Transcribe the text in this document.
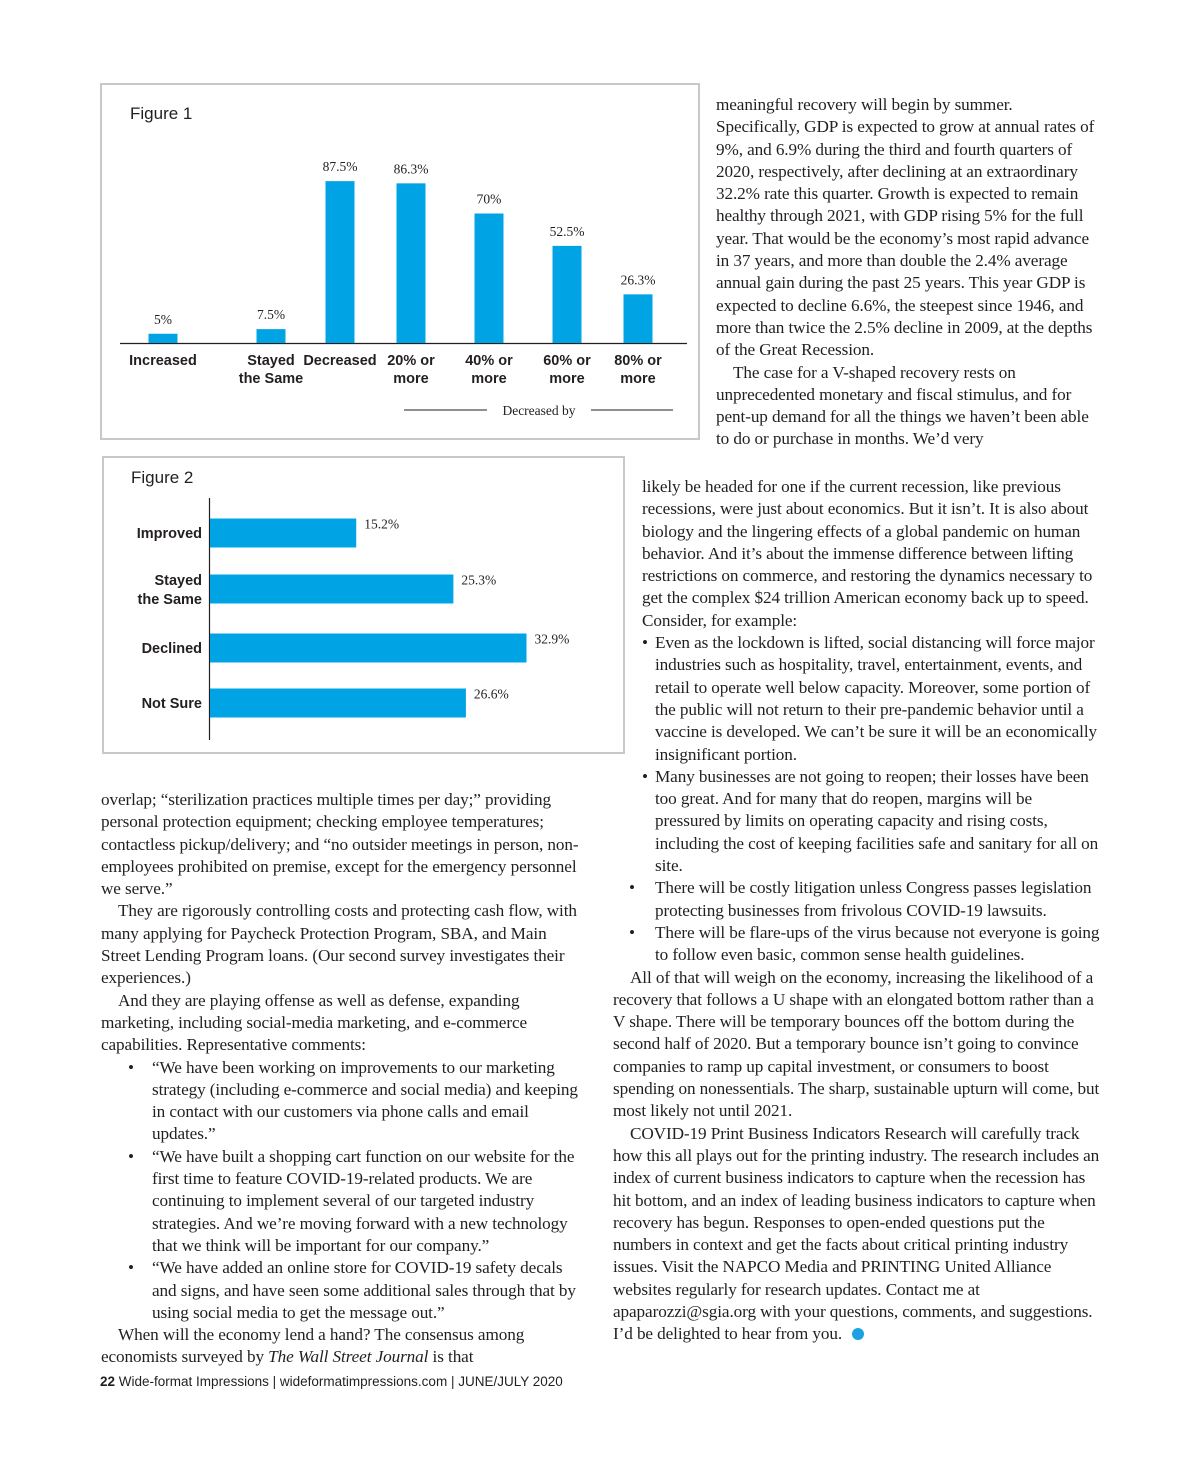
Figure 1
5%
Increased
7.5%
Stayed the Same
87.5%
Decreased
86.3%
20% or more
70%
40% or more
52.5%
60% or more
26.3%
80% or more
Decreased by
Figure 2
15.2%
Improved
25.3%
Stayed the Same
32.9%
Declined
26.6%
Not Sure

overlap; “sterilization practices multiple times per day;” providing personal protection equipment; checking employee temperatures; contactless pickup/delivery; and “no outsider meetings in person, non-employees prohibited on premise, except for the emergency personnel we serve.”

They are rigorously controlling costs and protecting cash flow, with many applying for Paycheck Protection Program, SBA, and Main Street Lending Program loans. (Our second survey investigates their experiences.)

And they are playing offense as well as defense, expanding marketing, including social-media marketing, and e-commerce capabilities. Representative comments:

• “We have been working on improvements to our marketing strategy (including e-commerce and social media) and keeping in contact with our customers via phone calls and email updates.”
• “We have built a shopping cart function on our website for the first time to feature COVID-19-related products. We are continuing to implement several of our targeted industry strategies. And we’re moving forward with a new technology that we think will be important for our company.”
• “We have added an online store for COVID-19 safety decals and signs, and have seen some additional sales through that by using social media to get the message out.”

When will the economy lend a hand? The consensus among economists surveyed by The Wall Street Journal is that

meaningful recovery will begin by summer. Specifically, GDP is expected to grow at annual rates of 9%, and 6.9% during the third and fourth quarters of 2020, respectively, after declining at an extraordinary 32.2% rate this quarter. Growth is expected to remain healthy through 2021, with GDP rising 5% for the full year. That would be the economy’s most rapid advance in 37 years, and more than double the 2.4% average annual gain during the past 25 years. This year GDP is expected to decline 6.6%, the steepest since 1946, and more than twice the 2.5% decline in 2009, at the depths of the Great Recession.

The case for a V-shaped recovery rests on unprecedented monetary and fiscal stimulus, and for pent-up demand for all the things we haven’t been able to do or purchase in months. We’d very

likely be headed for one if the current recession, like previous recessions, were just about economics. But it isn’t. It is also about biology and the lingering effects of a global pandemic on human behavior. And it’s about the immense difference between lifting restrictions on commerce, and restoring the dynamics necessary to get the complex $24 trillion American economy back up to speed. Consider, for example:

• Even as the lockdown is lifted, social distancing will force major industries such as hospitality, travel, entertainment, events, and retail to operate well below capacity. Moreover, some portion of the public will not return to their pre-pandemic behavior until a vaccine is developed. We can’t be sure it will be an economically insignificant portion.
• Many businesses are not going to reopen; their losses have been too great. And for many that do reopen, margins will be pressured by limits on operating capacity and rising costs, including the cost of keeping facilities safe and sanitary for all on site.
• There will be costly litigation unless Congress passes legislation protecting businesses from frivolous COVID-19 lawsuits.
• There will be flare-ups of the virus because not everyone is going to follow even basic, common sense health guidelines.

All of that will weigh on the economy, increasing the likelihood of a recovery that follows a U shape with an elongated bottom rather than a V shape. There will be temporary bounces off the bottom during the second half of 2020. But a temporary bounce isn’t going to convince companies to ramp up capital investment, or consumers to boost spending on nonessentials. The sharp, sustainable upturn will come, but most likely not until 2021.

COVID-19 Print Business Indicators Research will carefully track how this all plays out for the printing industry. The research includes an index of current business indicators to capture when the recession has hit bottom, and an index of leading business indicators to capture when recovery has begun. Responses to open-ended questions put the numbers in context and get the facts about critical printing industry issues. Visit the NAPCO Media and PRINTING United Alliance websites regularly for research updates. Contact me at apaparozzi@sgia.org with your questions, comments, and suggestions. I’d be delighted to hear from you.

22 Wide-format Impressions | wideformatimpressions.com | JUNE/JULY 2020
